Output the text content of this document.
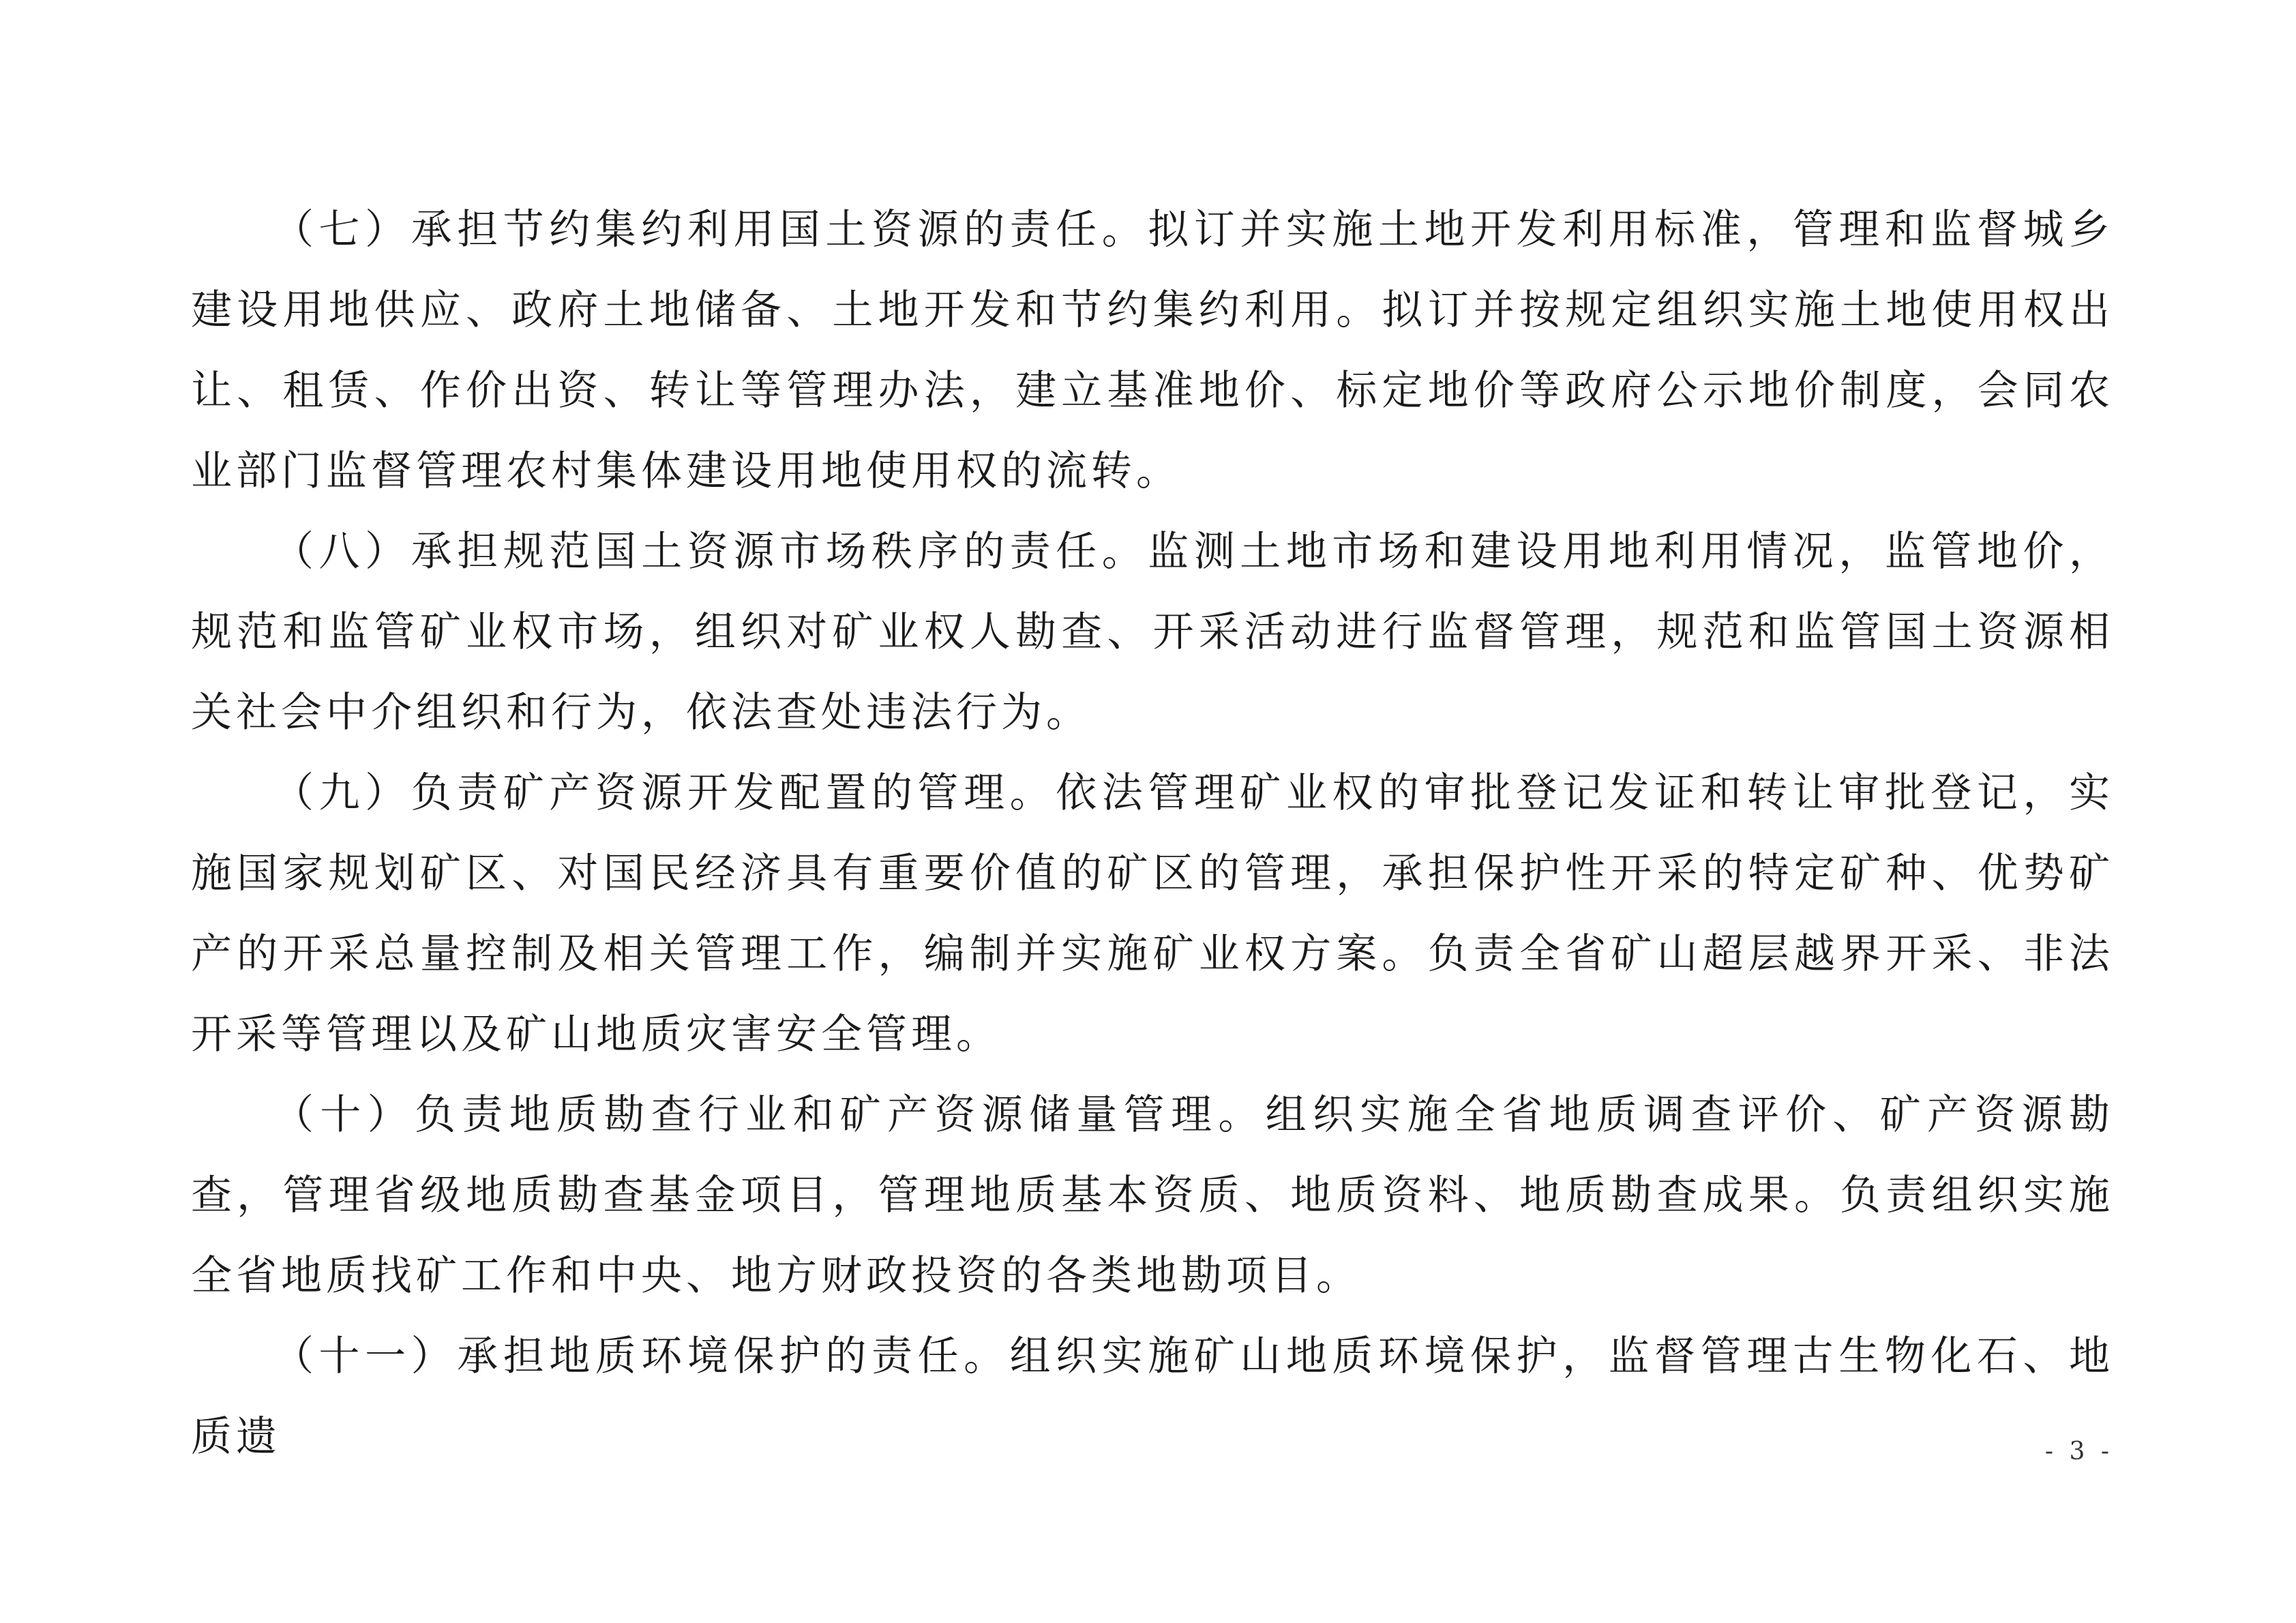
（七）承担节约集约利用国土资源的责任。拟订并实施土地开发利用标准，管理和监督城乡建设用地供应、政府土地储备、土地开发和节约集约利用。拟订并按规定组织实施土地使用权出让、租赁、作价出资、转让等管理办法，建立基准地价、标定地价等政府公示地价制度，会同农业部门监督管理农村集体建设用地使用权的流转。

（八）承担规范国土资源市场秩序的责任。监测土地市场和建设用地利用情况，监管地价，规范和监管矿业权市场，组织对矿业权人勘查、开采活动进行监督管理，规范和监管国土资源相关社会中介组织和行为，依法查处违法行为。

（九）负责矿产资源开发配置的管理。依法管理矿业权的审批登记发证和转让审批登记，实施国家规划矿区、对国民经济具有重要价值的矿区的管理，承担保护性开采的特定矿种、优势矿产的开采总量控制及相关管理工作，编制并实施矿业权方案。负责全省矿山超层越界开采、非法开采等管理以及矿山地质灾害安全管理。

（十）负责地质勘查行业和矿产资源储量管理。组织实施全省地质调查评价、矿产资源勘查，管理省级地质勘查基金项目，管理地质基本资质、地质资料、地质勘查成果。负责组织实施全省地质找矿工作和中央、地方财政投资的各类地勘项目。

（十一）承担地质环境保护的责任。组织实施矿山地质环境保护，监督管理古生物化石、地质遗	- 3 -
